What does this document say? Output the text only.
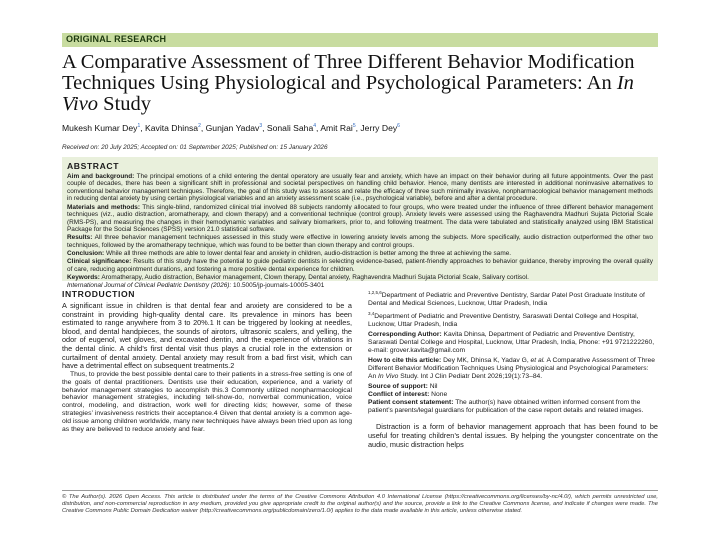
ORIGINAL RESEARCH
A Comparative Assessment of Three Different Behavior Modification Techniques Using Physiological and Psychological Parameters: An In Vivo Study
Mukesh Kumar Dey$^1$, Kavita Dhinsa$^2$, Gunjan Yadav$^3$, Sonali Saha$^4$, Amit Rai$^5$, Jerry Dey$^6$
Received on: 20 July 2025; Accepted on: 01 September 2025; Published on: 15 January 2026
ABSTRACT

Aim and background: The principal emotions of a child entering the dental operatory are usually fear and anxiety, which have an impact on their behavior during all future appointments. Over the past couple of decades, there has been a significant shift in professional and societal perspectives on handling child behavior. Hence, many dentists are interested in additional noninvasive alternatives to conventional behavior management techniques. Therefore, the goal of this study was to assess and relate the efficacy of three such minimally invasive, nonpharmacological behavior management methods in reducing dental anxiety by using certain physiological variables and an anxiety assessment scale (i.e., psychological variable), before and after a dental procedure.

Materials and methods: This single-blind, randomized clinical trial involved 88 subjects randomly allocated to four groups, who were treated under the influence of three different behavior management techniques (viz., audio distraction, aromatherapy, and clown therapy) and a conventional technique (control group). Anxiety levels were assessed using the Raghavendra Madhuri Sujata Pictorial Scale (RMS-PS), and measuring the changes in their hemodynamic variables and salivary biomarkers, prior to, and following treatment. The data were tabulated and statistically analyzed using IBM Statistical Package for the Social Sciences (SPSS) version 21.0 statistical software.

Results: All three behavior management techniques assessed in this study were effective in lowering anxiety levels among the subjects. More specifically, audio distraction outperformed the other two techniques, followed by the aromatherapy technique, which was found to be better than clown therapy and control groups.

Conclusion: While all three methods are able to lower dental fear and anxiety in children, audio-distraction is better among the three at achieving the same.

Clinical significance: Results of this study have the potential to guide pediatric dentists in selecting evidence-based, patient-friendly approaches to behavior guidance, thereby improving the overall quality of care, reducing appointment durations, and fostering a more positive dental experience for children.

Keywords: Aromatherapy, Audio distraction, Behavior management, Clown therapy, Dental anxiety, Raghavendra Madhuri Sujata Pictorial Scale, Salivary cortisol.

International Journal of Clinical Pediatric Dentistry (2026): 10.5005/jp-journals-10005-3401
INTRODUCTION

A significant issue in children is that dental fear and anxiety are considered to be a constraint in providing high-quality dental care. Its prevalence in minors has been estimated to range anywhere from 3 to 20%.1 It can be triggered by looking at needles, blood, and dental handpieces, the sounds of airotors, ultrasonic scalers, and yelling, the odor of eugenol, wet gloves, and excavated dentin, and the experience of vibrations in the dental clinic. A child’s first dental visit thus plays a crucial role in the extension or curtailment of dental anxiety. Dental anxiety may result from a bad first visit, which can have a detrimental effect on subsequent treatments.2

Thus, to provide the best possible dental care to their patients in a stress-free setting is one of the goals of dental practitioners. Dentists use their education, experience, and a variety of behavior management strategies to accomplish this.3 Commonly utilized nonpharmacological behavior management strategies, including tell-show-do, nonverbal communication, voice control, modeling, and distraction, work well for directing kids; however, some of these strategies’ invasiveness restricts their acceptance.4 Given that dental anxiety is a common age-old issue among children worldwide, many new techniques have always been tried upon as long as they are believed to reduce anxiety and fear.

$^{1,2,5,6}$Department of Pediatric and Preventive Dentistry, Sardar Patel Post Graduate Institute of Dental and Medical Sciences, Lucknow, Uttar Pradesh, India

$^{3,4}$Department of Pediatric and Preventive Dentistry, Saraswati Dental College and Hospital, Lucknow, Uttar Pradesh, India

Corresponding Author: Kavita Dhinsa, Department of Pediatric and Preventive Dentistry, Saraswati Dental College and Hospital, Lucknow, Uttar Pradesh, India, Phone: +91 9721222260, e-mail: grover.kavita@gmail.com

How to cite this article: Dey MK, Dhinsa K, Yadav G, et al. A Comparative Assessment of Three Different Behavior Modification Techniques Using Physiological and Psychological Parameters: An In Vivo Study. Int J Clin Pediatr Dent 2026;19(1):73–84.

Source of support: Nil

Conflict of interest: None

Patient consent statement: The author(s) have obtained written informed consent from the patient’s parents/legal guardians for publication of the case report details and related images.

Distraction is a form of behavior management approach that has been found to be useful for treating children’s dental issues. By helping the youngster concentrate on the audio, music distraction helps

© The Author(s). 2026 Open Access. This article is distributed under the terms of the Creative Commons Attribution 4.0 International License (https://creativecommons.org/licenses/by-nc/4.0/), which permits unrestricted use, distribution, and non-commercial reproduction in any medium, provided you give appropriate credit to the original author(s) and the source, provide a link to the Creative Commons license, and indicate if changes were made. The Creative Commons Public Domain Dedication waiver (http://creativecommons.org/publicdomain/zero/1.0/) applies to the data made available in this article, unless otherwise stated.
